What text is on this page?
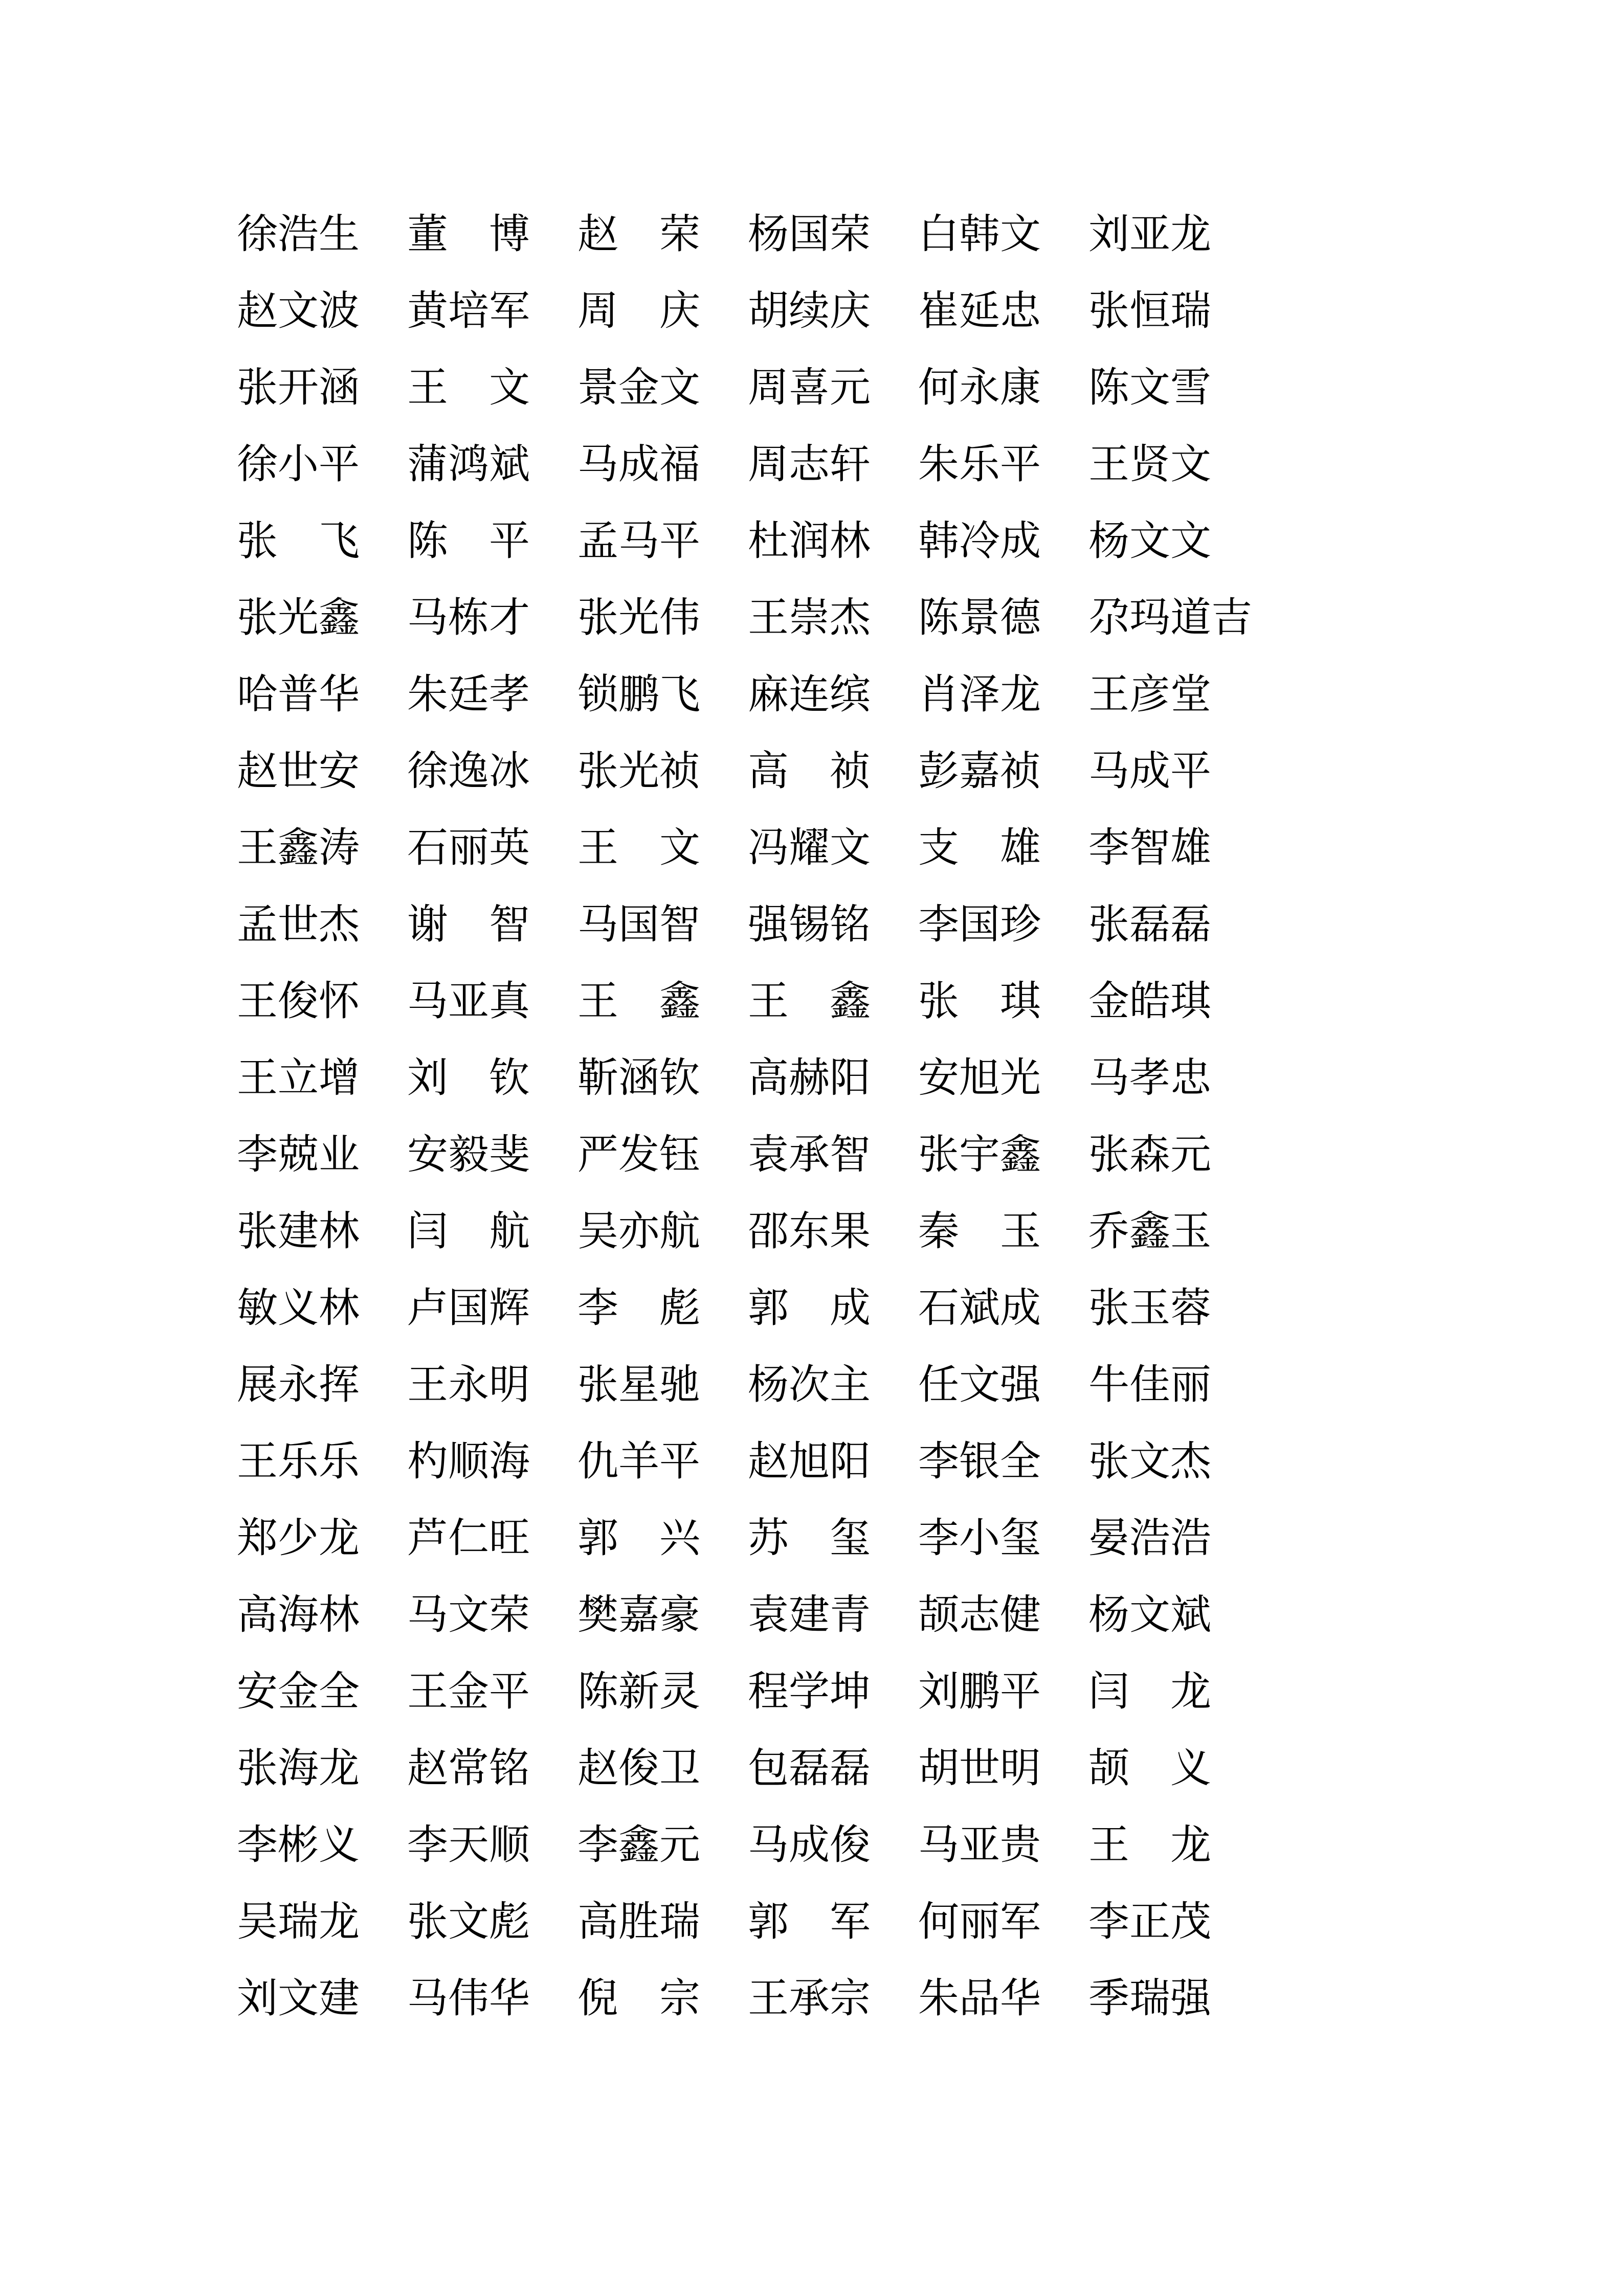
徐浩生 董　博 赵　荣 杨国荣 白韩文 刘亚龙
赵文波 黄培军 周　庆 胡续庆 崔延忠 张恒瑞
张开涵 王　文 景金文 周喜元 何永康 陈文雪
徐小平 蒲鸿斌 马成福 周志轩 朱乐平 王贤文
张　飞 陈　平 孟马平 杜润林 韩冷成 杨文文
张光鑫 马栋才 张光伟 王崇杰 陈景德 尕玛道吉
哈普华 朱廷孝 锁鹏飞 麻连缤 肖泽龙 王彦堂
赵世安 徐逸冰 张光祯 高　祯 彭嘉祯 马成平
王鑫涛 石丽英 王　文 冯耀文 支　雄 李智雄
孟世杰 谢　智 马国智 强锡铭 李国珍 张磊磊
王俊怀 马亚真 王　鑫 王　鑫 张　琪 金皓琪
王立增 刘　钦 靳涵钦 高赫阳 安旭光 马孝忠
李兢业 安毅斐 严发钰 袁承智 张宇鑫 张森元
张建林 闫　航 吴亦航 邵东果 秦　玉 乔鑫玉
敏义林 卢国辉 李　彪 郭　成 石斌成 张玉蓉
展永挥 王永明 张星驰 杨次主 任文强 牛佳丽
王乐乐 杓顺海 仇羊平 赵旭阳 李银全 张文杰
郑少龙 芦仁旺 郭　兴 苏　玺 李小玺 晏浩浩
高海林 马文荣 樊嘉豪 袁建青 颉志健 杨文斌
安金全 王金平 陈新灵 程学坤 刘鹏平 闫　龙
张海龙 赵常铭 赵俊卫 包磊磊 胡世明 颉　义
李彬义 李天顺 李鑫元 马成俊 马亚贵 王　龙
吴瑞龙 张文彪 高胜瑞 郭　军 何丽军 李正茂
刘文建 马伟华 倪　宗 王承宗 朱品华 季瑞强
